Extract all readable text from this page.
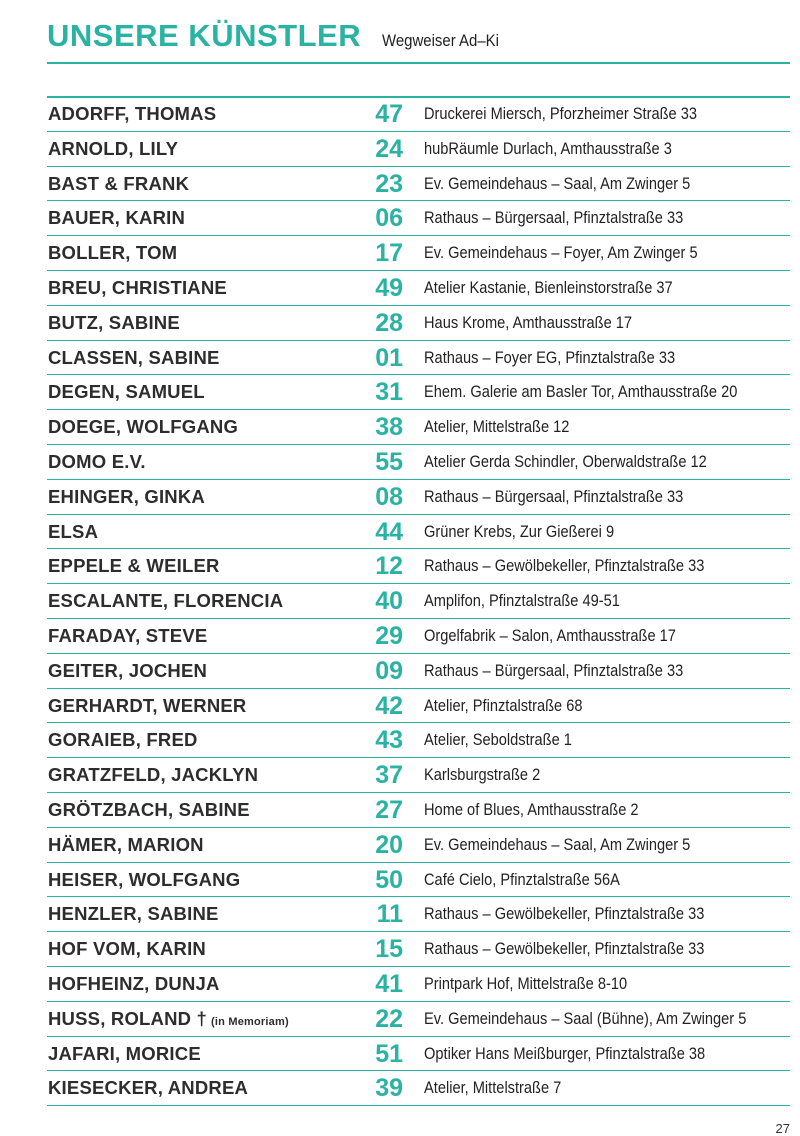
UNSERE KÜNSTLER Wegweiser Ad–Ki
ADORFF, THOMAS	47 Druckerei Miersch, Pforzheimer Straße 33
ARNOLD, LILY	24 hubRäumle Durlach, Amthausstraße 3
BAST & FRANK	23 Ev. Gemeindehaus – Saal, Am Zwinger 5
BAUER, KARIN	06 Rathaus – Bürgersaal, Pfinztalstraße 33
BOLLER, TOM	17 Ev. Gemeindehaus – Foyer, Am Zwinger 5
BREU, CHRISTIANE	49 Atelier Kastanie, Bienleinstorstraße 37
BUTZ, SABINE	28 Haus Krome, Amthausstraße 17
CLASSEN, SABINE	01 Rathaus – Foyer EG, Pfinztalstraße 33
DEGEN, SAMUEL	31 Ehem. Galerie am Basler Tor, Amthausstraße 20
DOEGE, WOLFGANG	38 Atelier, Mittelstraße 12
DOMO E.V.	55 Atelier Gerda Schindler, Oberwaldstraße 12
EHINGER, GINKA	08 Rathaus – Bürgersaal, Pfinztalstraße 33
ELSA	44 Grüner Krebs, Zur Gießerei 9
EPPELE & WEILER	12 Rathaus – Gewölbekeller, Pfinztalstraße 33
ESCALANTE, FLORENCIA	40 Amplifon, Pfinztalstraße 49-51
FARADAY, STEVE	29 Orgelfabrik – Salon, Amthausstraße 17
GEITER, JOCHEN	09 Rathaus – Bürgersaal, Pfinztalstraße 33
GERHARDT, WERNER	42 Atelier, Pfinztalstraße 68
GORAIEB, FRED	43 Atelier, Seboldstraße 1
GRATZFELD, JACKLYN	37 Karlsburgstraße 2
GRÖTZBACH, SABINE	27 Home of Blues, Amthausstraße 2
HÄMER, MARION	20 Ev. Gemeindehaus – Saal, Am Zwinger 5
HEISER, WOLFGANG	50 Café Cielo, Pfinztalstraße 56A
HENZLER, SABINE	11 Rathaus – Gewölbekeller, Pfinztalstraße 33
HOF VOM, KARIN	15 Rathaus – Gewölbekeller, Pfinztalstraße 33
HOFHEINZ, DUNJA	41 Printpark Hof, Mittelstraße 8-10
HUSS, ROLAND † (in Memoriam)	22 Ev. Gemeindehaus – Saal (Bühne), Am Zwinger 5
JAFARI, MORICE	51 Optiker Hans Meißburger, Pfinztalstraße 38
KIESECKER, ANDREA	39 Atelier, Mittelstraße 7
27
